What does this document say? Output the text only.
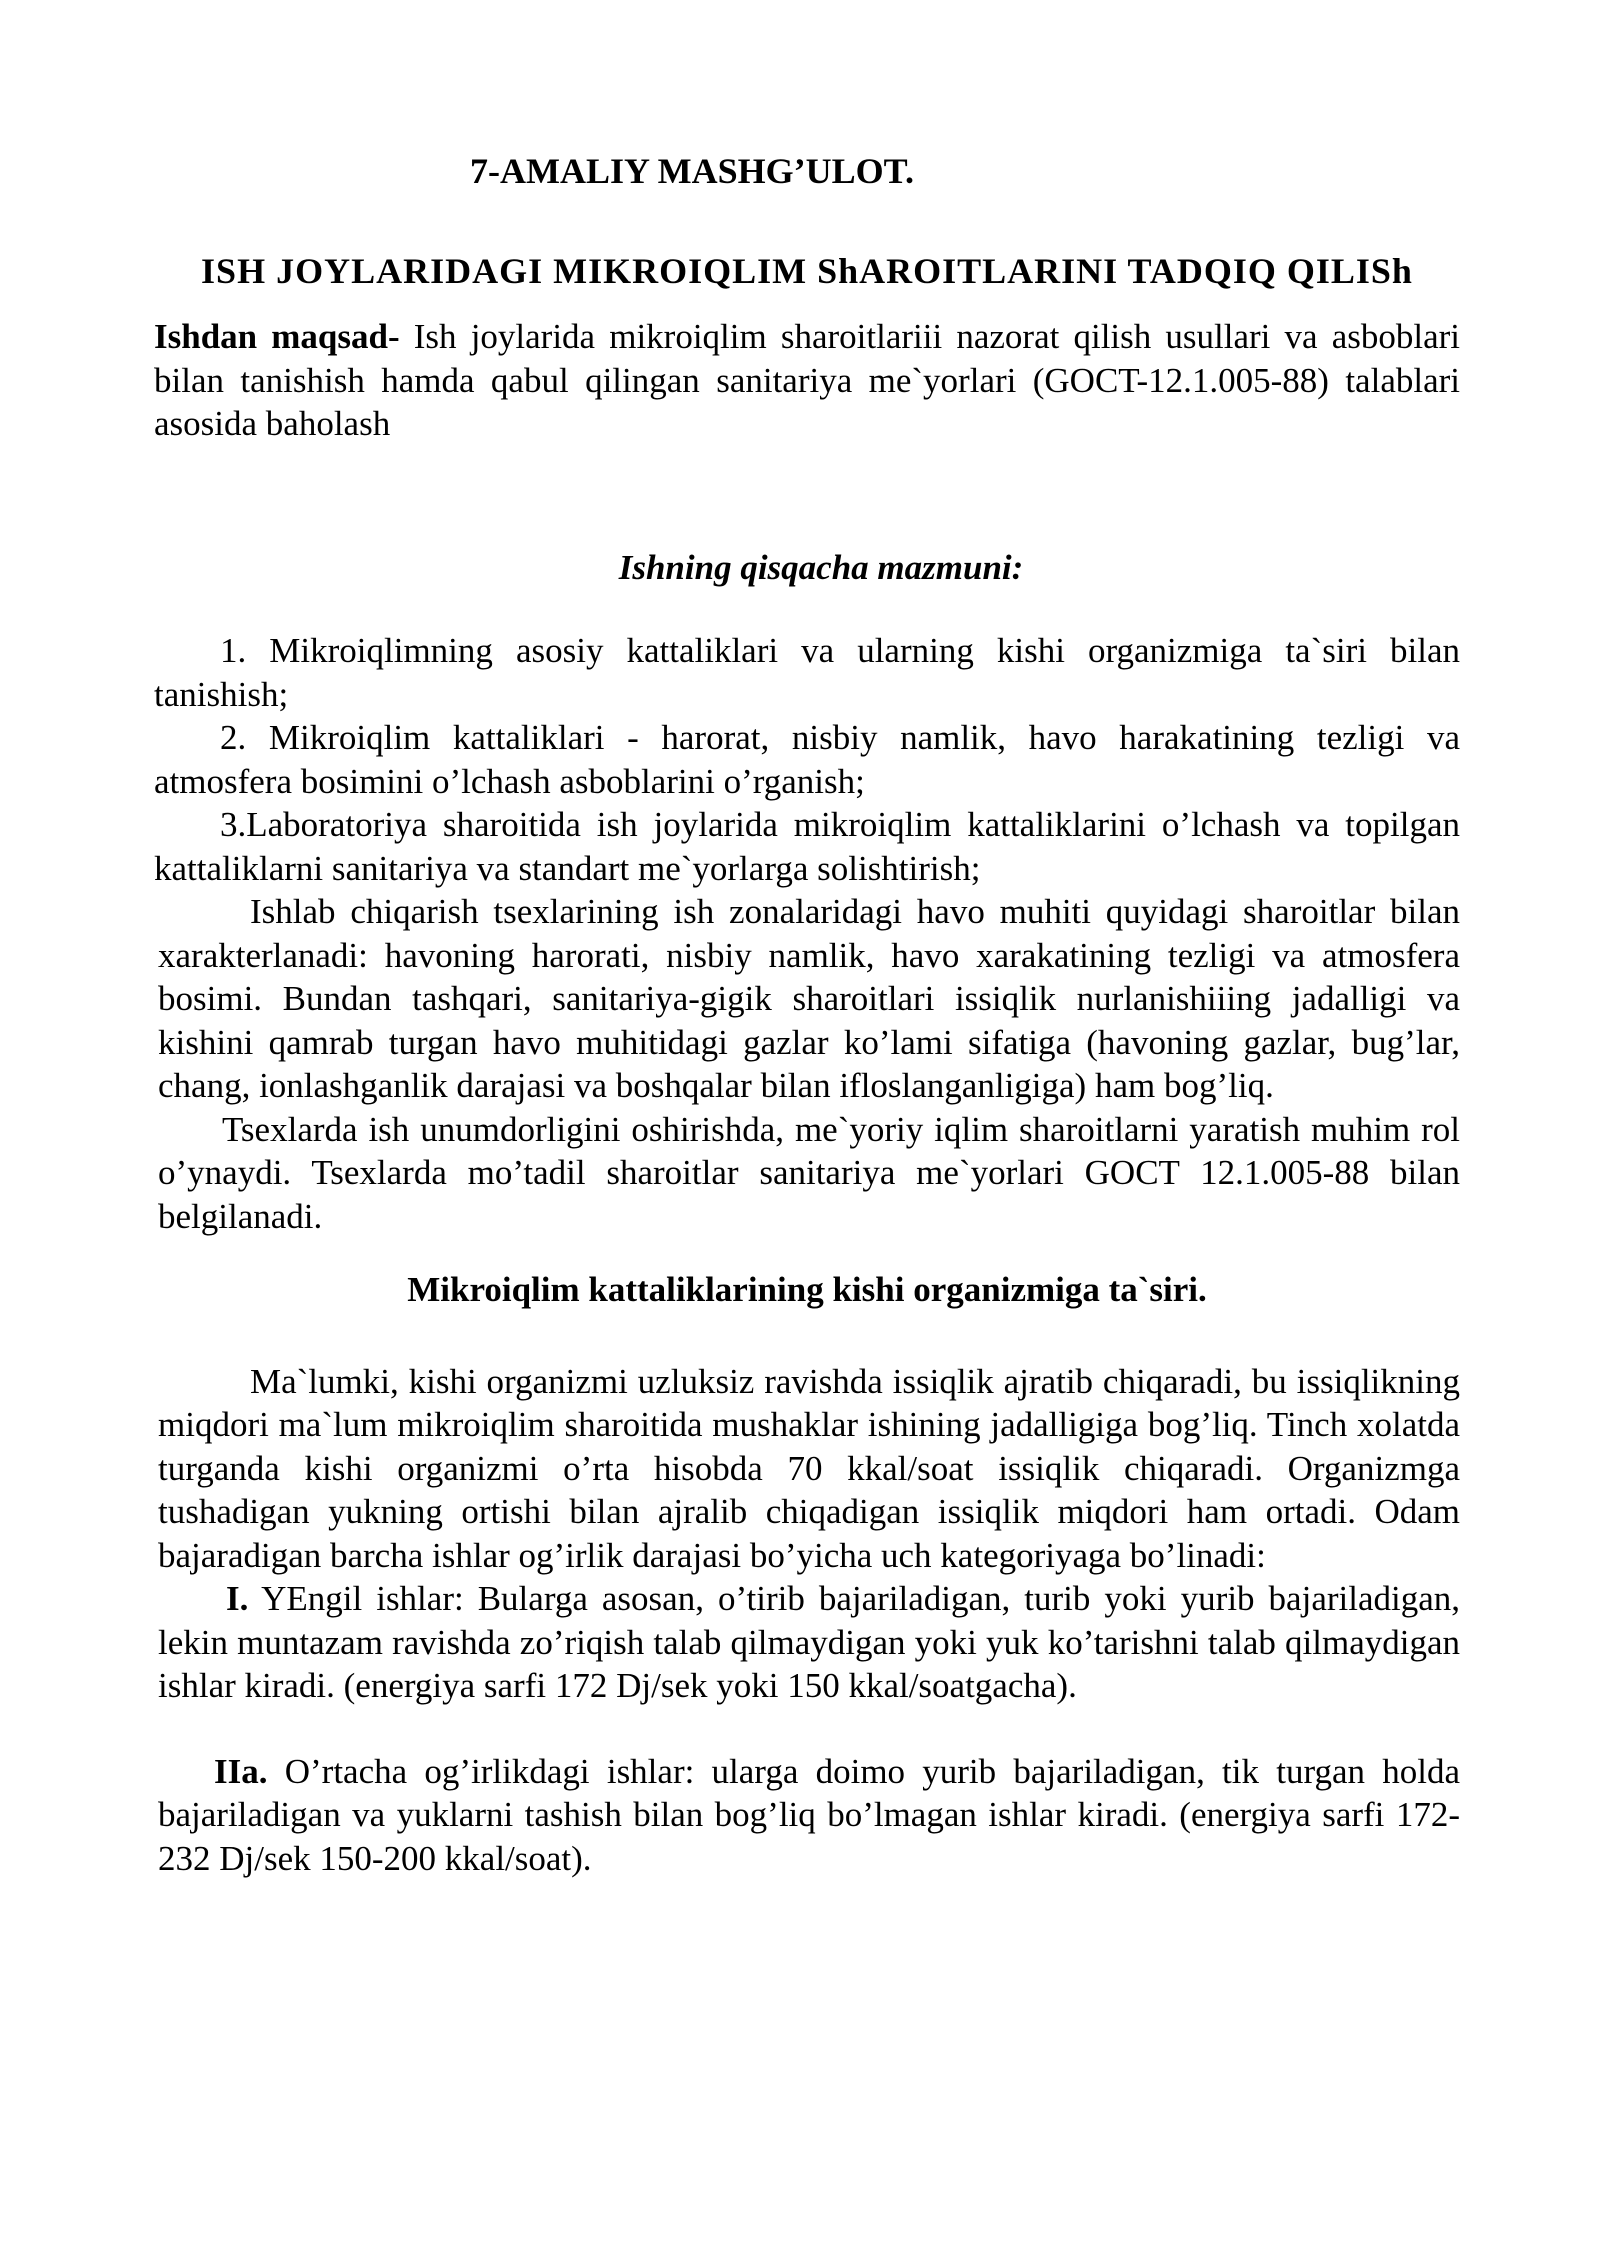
7-AMALIY MASHG’ULOT.

ISH JOYLARIDAGI MIKROIQLIM ShAROITLARINI TADQIQ QILISh

Ishdan maqsad- Ish joylarida mikroiqlim sharoitlariii nazorat qilish usullari va asboblari bilan tanishish hamda qabul qilingan sanitariya me`yorlari (GOCT-12.1.005-88) talablari asosida baholash

Ishning qisqacha mazmuni:

1. Mikroiqlimning asosiy kattaliklari va ularning kishi organizmiga ta`siri bilan tanishish;
2. Mikroiqlim kattaliklari - harorat, nisbiy namlik, havo harakatining tezligi va atmosfera bosimini o’lchash asboblarini o’rganish;
3.Laboratoriya sharoitida ish joylarida mikroiqlim kattaliklarini o’lchash va topilgan kattaliklarni sanitariya va standart me`yorlarga solishtirish;

Ishlab chiqarish tsexlarining ish zonalaridagi havo muhiti quyidagi sharoitlar bilan xarakterlanadi: havoning harorati, nisbiy namlik, havo xarakatining tezligi va atmosfera bosimi. Bundan tashqari, sanitariya-gigik sharoitlari issiqlik nurlanishiiing jadalligi va kishini qamrab turgan havo muhitidagi gazlar ko’lami sifatiga (havoning gazlar, bug’lar, chang, ionlashganlik darajasi va boshqalar bilan ifloslanganligiga) ham bog’liq.

Tsexlarda ish unumdorligini oshirishda, me`yoriy iqlim sharoitlarni yaratish muhim rol o’ynaydi. Tsexlarda mo’tadil sharoitlar sanitariya me`yorlari GOCT 12.1.005-88 bilan belgilanadi.

Mikroiqlim kattaliklarining kishi organizmiga ta`siri.

Ma`lumki, kishi organizmi uzluksiz ravishda issiqlik ajratib chiqaradi, bu issiqlikning miqdori ma`lum mikroiqlim sharoitida mushaklar ishining jadalligiga bog’liq. Tinch xolatda turganda kishi organizmi o’rta hisobda 70 kkal/soat issiqlik chiqaradi. Organizmga tushadigan yukning ortishi bilan ajralib chiqadigan issiqlik miqdori ham ortadi. Odam bajaradigan barcha ishlar og’irlik darajasi bo’yicha uch kategoriyaga bo’linadi:

I. YEngil ishlar: Bularga asosan, o’tirib bajariladigan, turib yoki yurib bajariladigan, lekin muntazam ravishda zo’riqish talab qilmaydigan yoki yuk ko’tarishni talab qilmaydigan ishlar kiradi. (energiya sarfi 172 Dj/sek yoki 150 kkal/soatgacha).

IIa. O’rtacha og’irlikdagi ishlar: ularga doimo yurib bajariladigan, tik turgan holda bajariladigan va yuklarni tashish bilan bog’liq bo’lmagan ishlar kiradi. (energiya sarfi 172-232 Dj/sek 150-200 kkal/soat).
